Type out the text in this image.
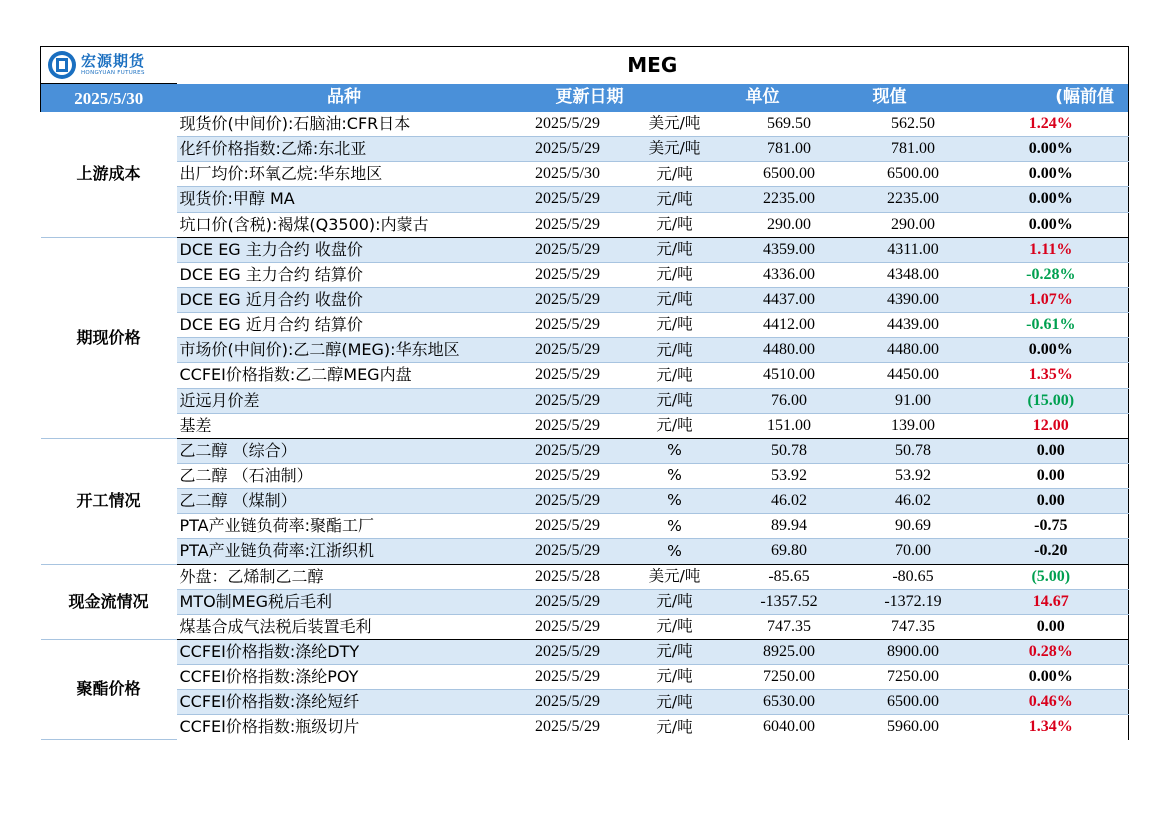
宏源期货
HONGYUAN FUTURES	MEG					
2025/5/30	品种	更新日期		单位	现值	(幅前值
上游成本	现货价(中间价):石脑油:CFR日本	2025/5/29	美元/吨	569.50	562.50	1.24%
	化纤价格指数:乙烯:东北亚	2025/5/29	美元/吨	781.00	781.00	0.00%
	出厂均价:环氧乙烷:华东地区	2025/5/30	元/吨	6500.00	6500.00	0.00%
	现货价:甲醇 MA	2025/5/29	元/吨	2235.00	2235.00	0.00%
	坑口价(含税):褐煤(Q3500):内蒙古	2025/5/29	元/吨	290.00	290.00	0.00%
期现价格	DCE EG 主力合约 收盘价	2025/5/29	元/吨	4359.00	4311.00	1.11%
	DCE EG 主力合约 结算价	2025/5/29	元/吨	4336.00	4348.00	-0.28%
	DCE EG 近月合约 收盘价	2025/5/29	元/吨	4437.00	4390.00	1.07%
	DCE EG 近月合约 结算价	2025/5/29	元/吨	4412.00	4439.00	-0.61%
	市场价(中间价):乙二醇(MEG):华东地区	2025/5/29	元/吨	4480.00	4480.00	0.00%
	CCFEI价格指数:乙二醇MEG内盘	2025/5/29	元/吨	4510.00	4450.00	1.35%
	近远月价差	2025/5/29	元/吨	76.00	91.00	(15.00)
	基差	2025/5/29	元/吨	151.00	139.00	12.00
开工情况	乙二醇 （综合）	2025/5/29	%	50.78	50.78	0.00
	乙二醇 （石油制）	2025/5/29	%	53.92	53.92	0.00
	乙二醇 （煤制）	2025/5/29	%	46.02	46.02	0.00
	PTA产业链负荷率:聚酯工厂	2025/5/29	%	89.94	90.69	-0.75
	PTA产业链负荷率:江浙织机	2025/5/29	%	69.80	70.00	-0.20
现金流情况	外盘：乙烯制乙二醇	2025/5/28	美元/吨	-85.65	-80.65	(5.00)
	MTO制MEG税后毛利	2025/5/29	元/吨	-1357.52	-1372.19	14.67
	煤基合成气法税后装置毛利	2025/5/29	元/吨	747.35	747.35	0.00
聚酯价格	CCFEI价格指数:涤纶DTY	2025/5/29	元/吨	8925.00	8900.00	0.28%
	CCFEI价格指数:涤纶POY	2025/5/29	元/吨	7250.00	7250.00	0.00%
	CCFEI价格指数:涤纶短纤	2025/5/29	元/吨	6530.00	6500.00	0.46%
	CCFEI价格指数:瓶级切片	2025/5/29	元/吨	6040.00	5960.00	1.34%
